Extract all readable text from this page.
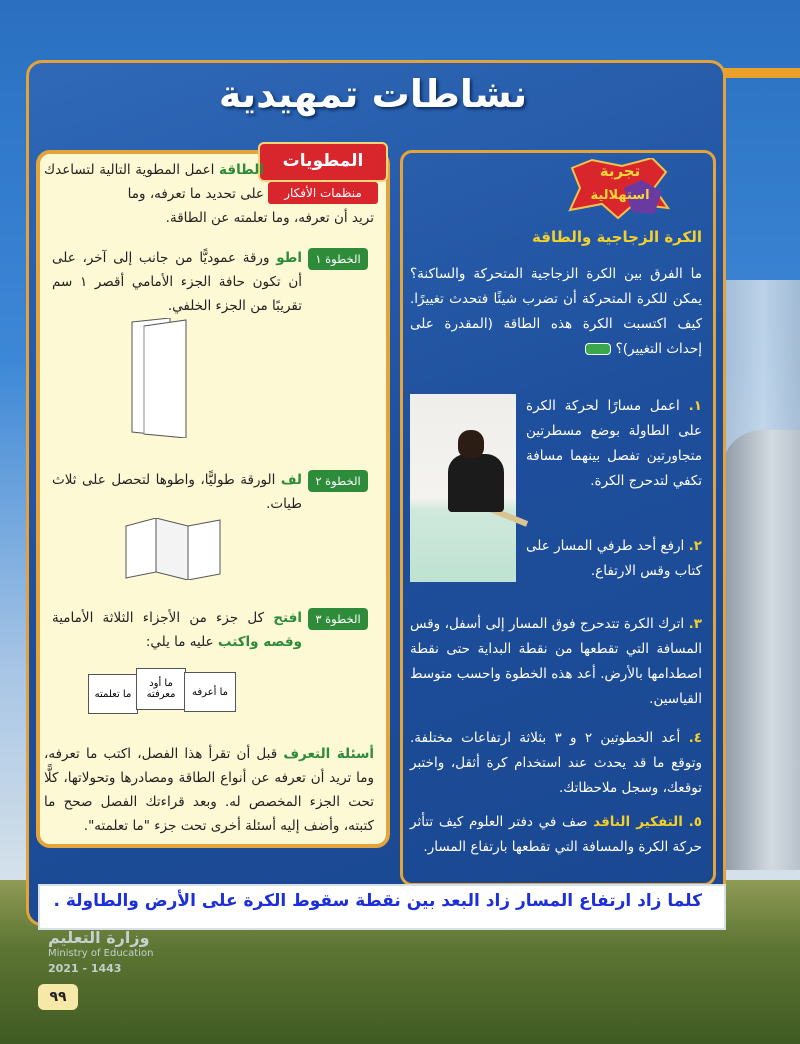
نشاطات تمهيدية
المطويات
منظمات الأفكار
الطاقة اعمل المطوية التالية لتساعدك على تحديد ما تعرفه، وما
تريد أن تعرفه، وما تعلمته عن الطاقة.
الخطوة ١
اطو ورقة عموديًّا من جانب إلى آخر، على أن تكون حافة الجزء الأمامي أقصر ١ سم تقريبًا من الجزء الخلفي.
الخطوة ٢
لف الورقة طوليًّا، واطوها لتحصل على ثلاث طيات.
الخطوة ٣
افتح كل جزء من الأجزاء الثلاثة الأمامية وقصه واكتب عليه ما يلي:
ما تعلمته
ما أود معرفته	ما أعرفه
أسئلة التعرف قبل أن تقرأ هذا الفصل، اكتب ما تعرفه، وما تريد أن تعرفه عن أنواع الطاقة ومصادرها وتحولاتها، كلًّا تحت الجزء المخصص له. وبعد قراءتك الفصل صحح ما كتبته، وأضف إليه أسئلة أخرى تحت جزء "ما تعلمته".
تجربة
استهلالية
الكرة الزجاجية والطاقة
ما الفرق بين الكرة الزجاجية المتحركة والساكنة؟ يمكن للكرة المتحركة أن تضرب شيئًا فتحدث تغييرًا. كيف اكتسبت الكرة هذه الطاقة (المقدرة على إحداث التغيير)؟
١. اعمل مسارًا لحركة الكرة على الطاولة بوضع مسطرتين متجاورتين تفصل بينهما مسافة تكفي لتدحرج الكرة.
٢. ارفع أحد طرفي المسار على كتاب وقس الارتفاع.
٣. اترك الكرة تتدحرج فوق المسار إلى أسفل، وقس المسافة التي تقطعها من نقطة البداية حتى نقطة اصطدامها بالأرض. أعد هذه الخطوة واحسب متوسط القياسين.
٤. أعد الخطوتين ٢ و ٣ بثلاثة ارتفاعات مختلفة. وتوقع ما قد يحدث عند استخدام كرة أثقل، واختبر توقعك، وسجل ملاحظاتك.
٥. التفكير الناقد صف في دفتر العلوم كيف تتأثر حركة الكرة والمسافة التي تقطعها بارتفاع المسار.
كلما زاد ارتفاع المسار زاد البعد بين نقطة سقوط الكرة على الأرض والطاولة .
وزارة التعليم
Ministry of Education
2021 - 1443
٩٩
